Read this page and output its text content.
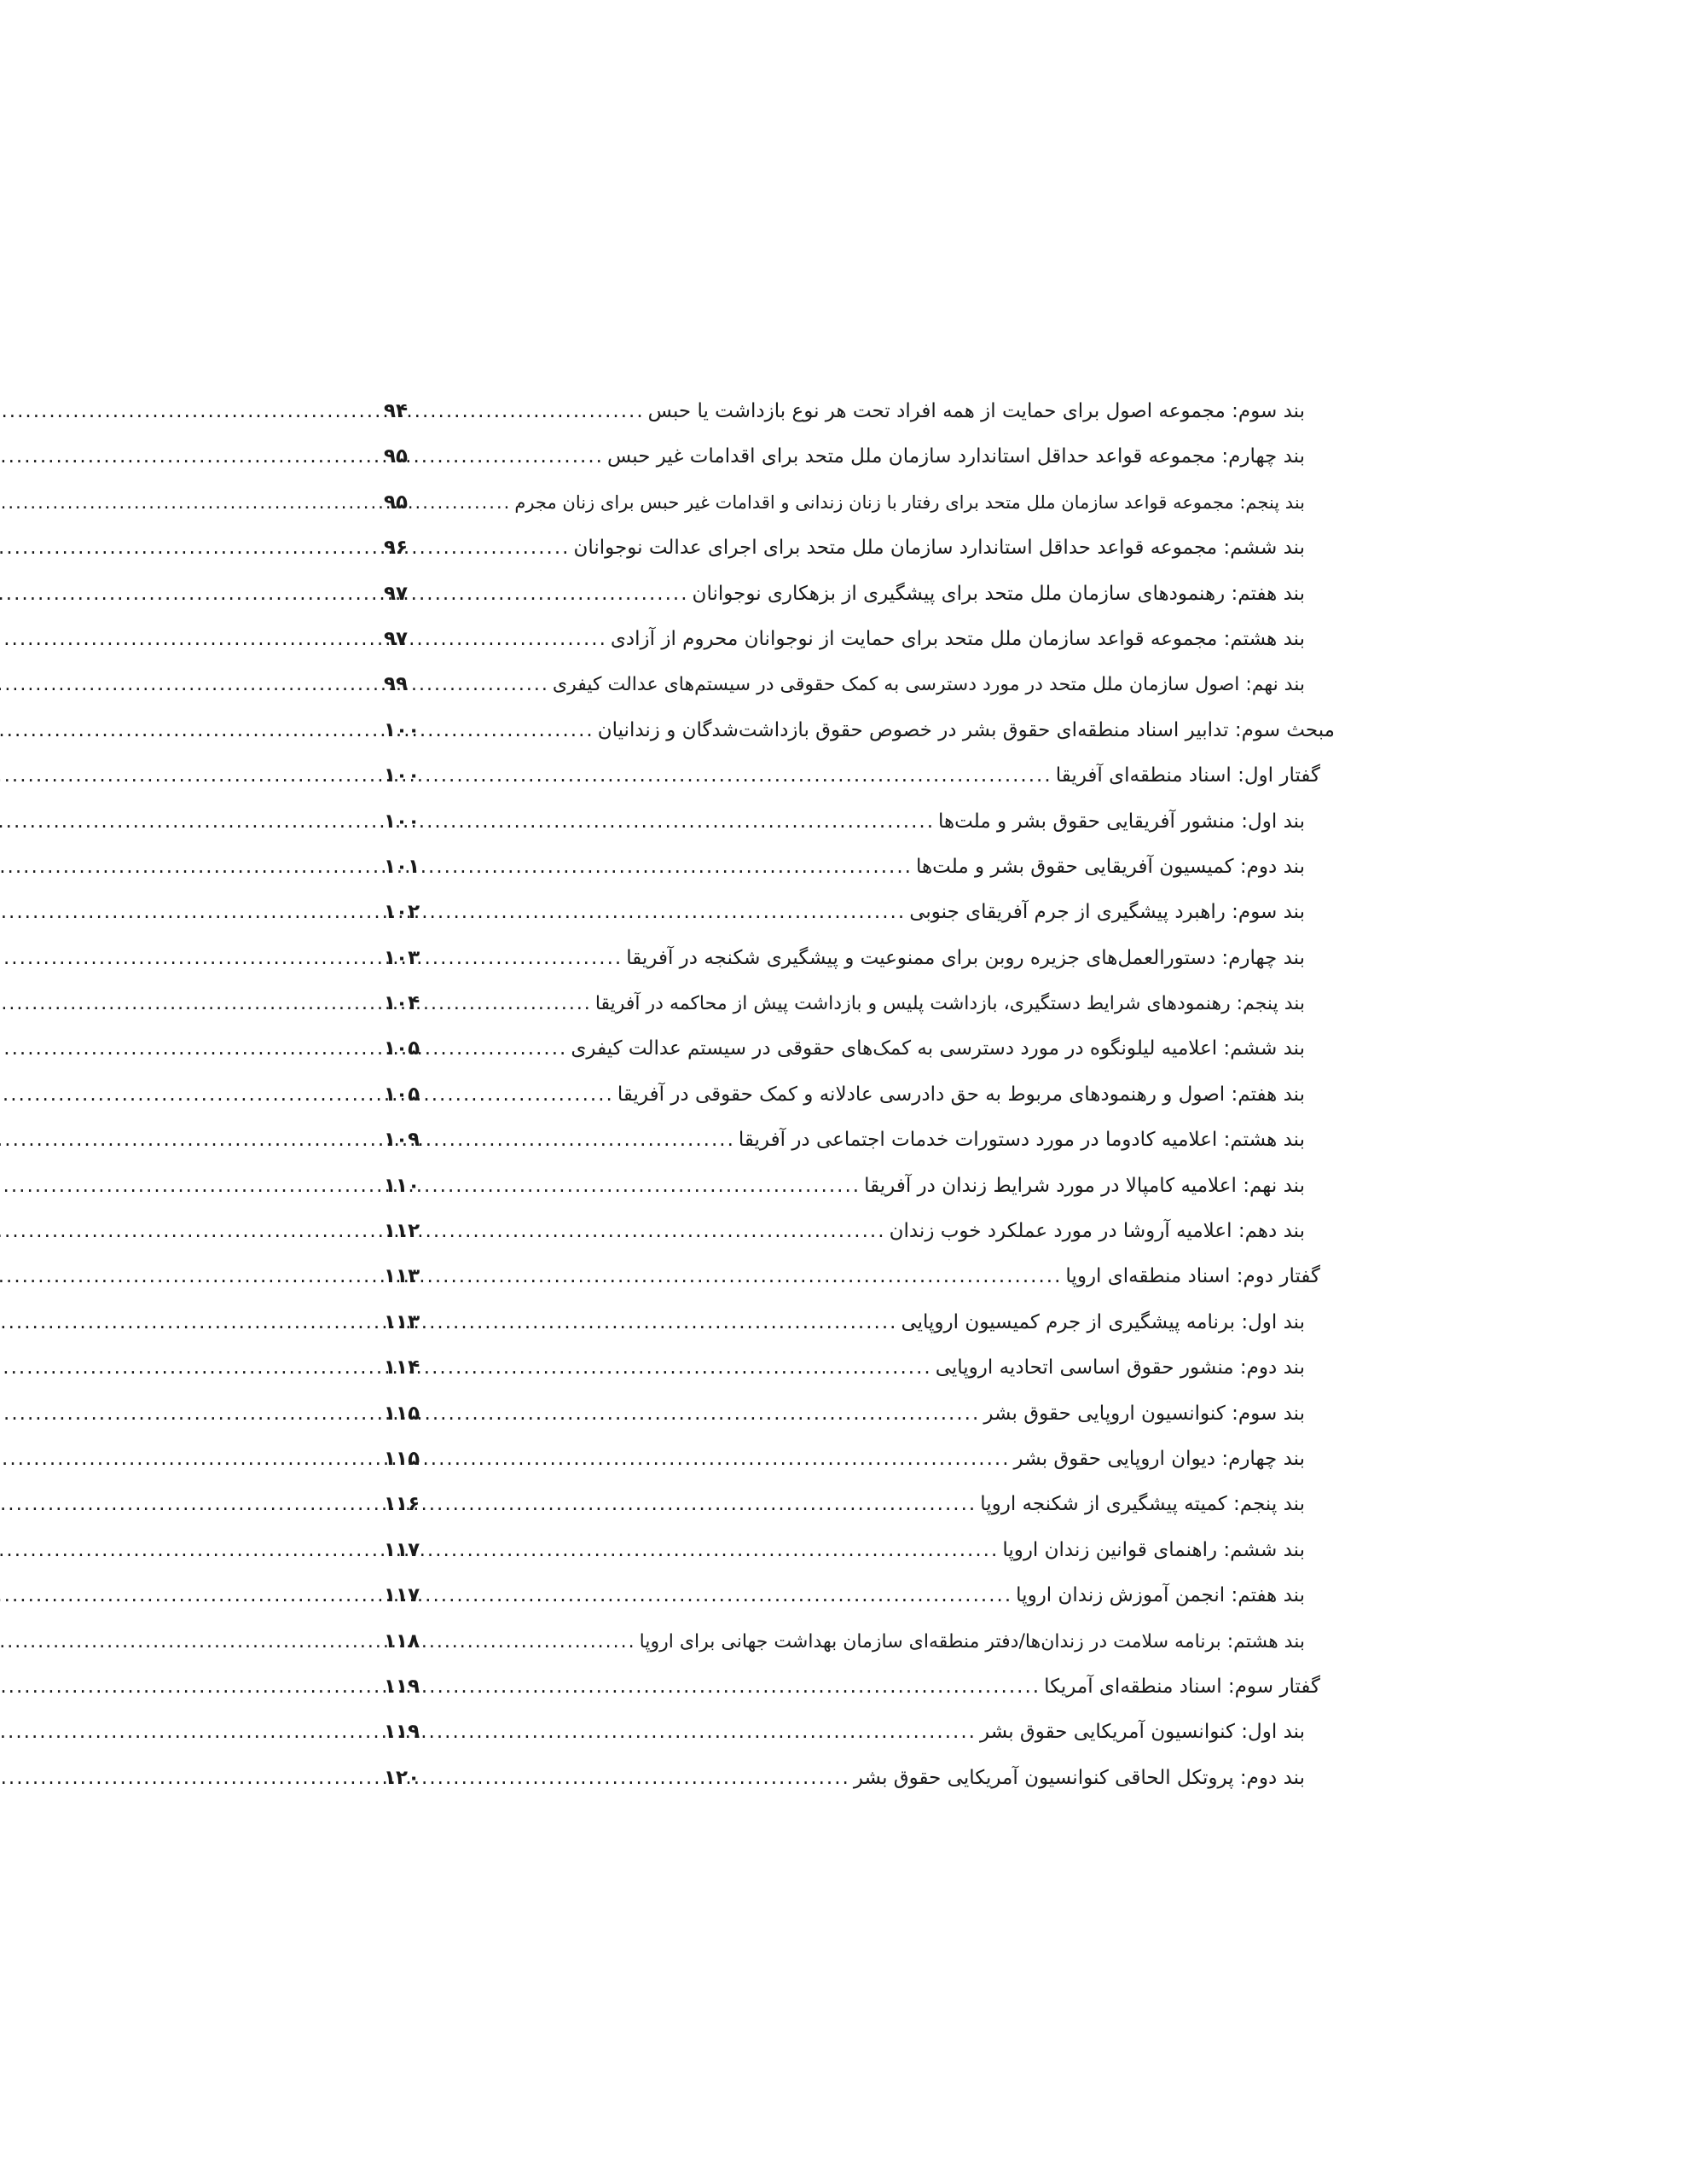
بند سوم: مجموعه اصول برای حمایت از همه افراد تحت هر نوع بازداشت یا حبس
.....
۹۴
بند چهارم: مجموعه قواعد حداقل استاندارد سازمان ملل متحد برای اقدامات غیر حبس
.....
۹۵
بند پنجم: مجموعه قواعد سازمان ملل متحد برای رفتار با زنان زندانی و اقدامات غیر حبس برای زنان مجرم
.....
۹۵
بند ششم: مجموعه قواعد حداقل استاندارد سازمان ملل متحد برای اجرای عدالت نوجوانان
.....
۹۶
بند هفتم: رهنمودهای سازمان ملل متحد برای پیشگیری از بزهکاری نوجوانان
.....
۹۷
بند هشتم: مجموعه قواعد سازمان ملل متحد برای حمایت از نوجوانان محروم از آزادی
.....
۹۷
بند نهم: اصول سازمان ملل متحد در مورد دسترسی به کمک حقوقی در سیستم‌های عدالت کیفری
.....
۹۹
مبحث سوم: تدابیر اسناد منطقه‌ای حقوق بشر در خصوص حقوق بازداشت‌شدگان و زندانیان
.....
۱۰۰
گفتار اول: اسناد منطقه‌ای آفریقا
.....
۱۰۰
بند اول: منشور آفریقایی حقوق بشر و ملت‌ها
.....
۱۰۰
بند دوم: کمیسیون آفریقایی حقوق بشر و ملت‌ها
.....
۱۰۱
بند سوم: راهبرد پیشگیری از جرم آفریقای جنوبی
.....
۱۰۲
بند چهارم: دستورالعمل‌های جزیره روبن برای ممنوعیت و پیشگیری شکنجه در آفریقا
.....
۱۰۳
بند پنجم: رهنمودهای شرایط دستگیری، بازداشت پلیس و بازداشت پیش از محاکمه در آفریقا
.....
۱۰۴
بند ششم: اعلامیه لیلونگوه در مورد دسترسی به کمک‌های حقوقی در سیستم عدالت کیفری
.....
۱۰۵
بند هفتم: اصول و رهنمودهای مربوط به حق دادرسی عادلانه و کمک حقوقی در آفریقا
.....
۱۰۵
بند هشتم: اعلامیه کادوما در مورد دستورات خدمات اجتماعی در آفریقا
.....
۱۰۹
بند نهم: اعلامیه کامپالا در مورد شرایط زندان در آفریقا
.....
۱۱۰
بند دهم: اعلامیه آروشا در مورد عملکرد خوب زندان
.....
۱۱۲
گفتار دوم: اسناد منطقه‌ای اروپا
.....
۱۱۳
بند اول: برنامه پیشگیری از جرم کمیسیون اروپایی
.....
۱۱۳
بند دوم: منشور حقوق اساسی اتحادیه اروپایی
.....
۱۱۴
بند سوم: کنوانسیون اروپایی حقوق بشر
.....
۱۱۵
بند چهارم: دیوان اروپایی حقوق بشر
.....
۱۱۵
بند پنجم: کمیته پیشگیری از شکنجه اروپا
.....
۱۱۶
بند ششم: راهنمای قوانین زندان اروپا
.....
۱۱۷
بند هفتم: انجمن آموزش زندان اروپا
.....
۱۱۷
بند هشتم: برنامه سلامت در زندان‌ها/دفتر منطقه‌ای سازمان بهداشت جهانی برای اروپا
.....
۱۱۸
گفتار سوم: اسناد منطقه‌ای آمریکا
.....
۱۱۹
بند اول: کنوانسیون آمریکایی حقوق بشر
.....
۱۱۹
بند دوم: پروتکل الحاقی کنوانسیون آمریکایی حقوق بشر
.....
۱۲۰
